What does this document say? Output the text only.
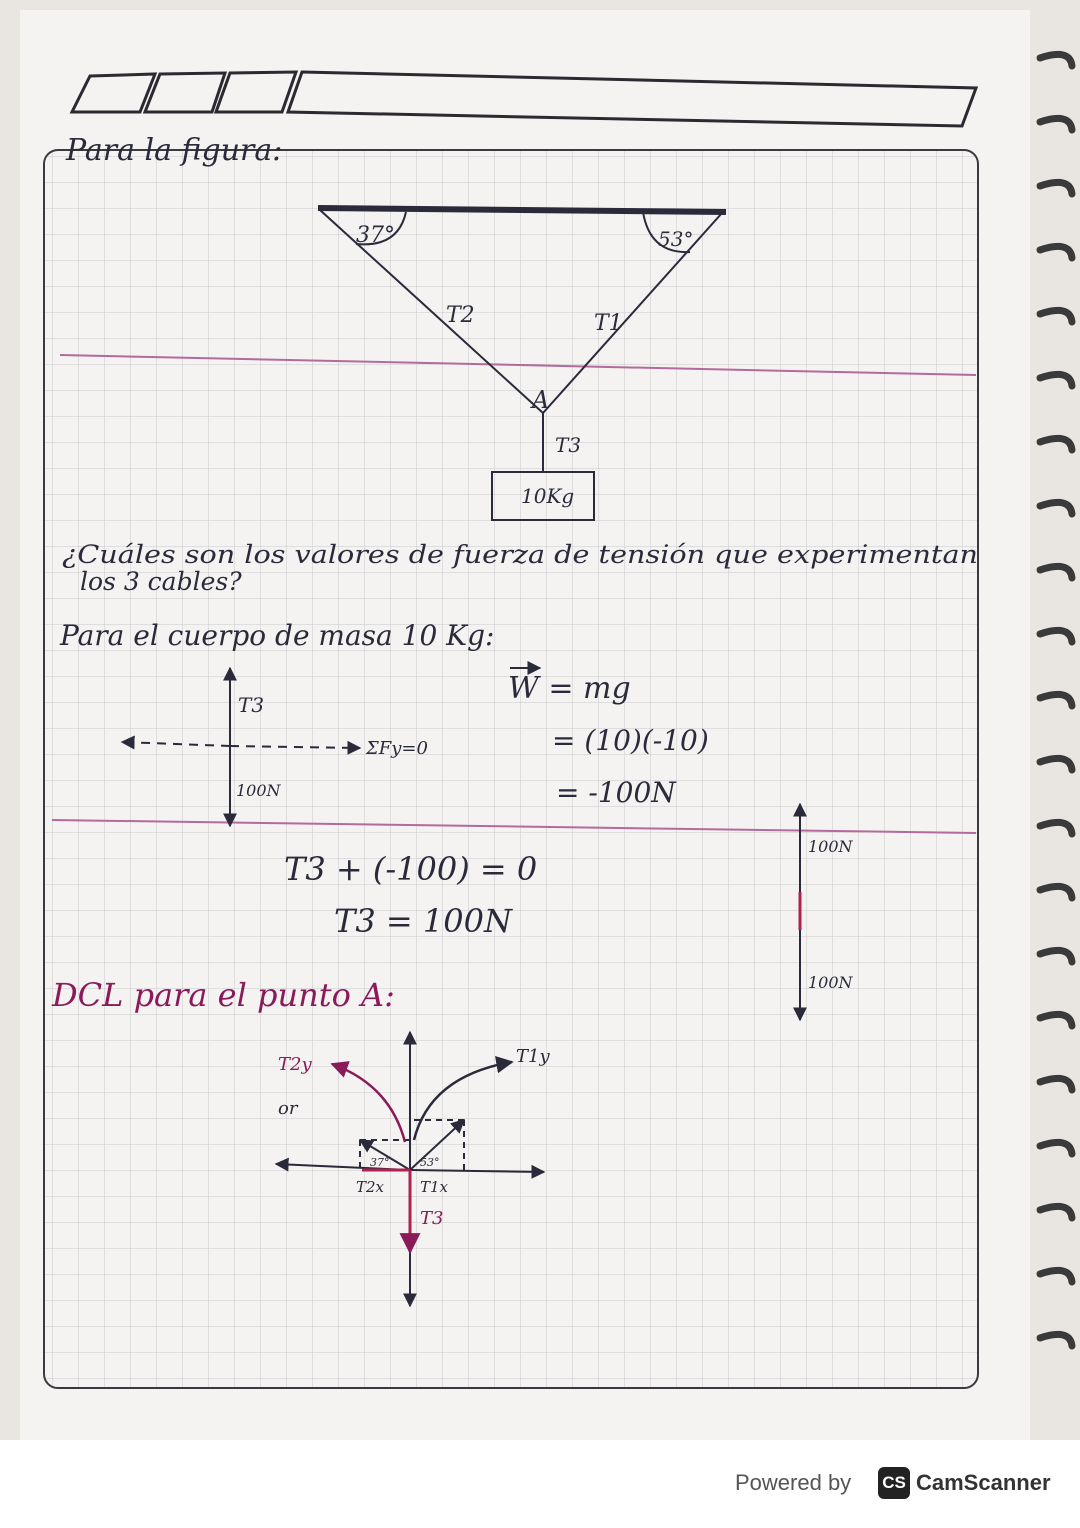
Para la figura:
37°	53°
T2	T1
A
T3
10Kg
¿Cuáles son los valores de fuerza de tensión que experimentan
los 3 cables?
Para el cuerpo de masa 10 Kg:
T3
100N
ΣFy=0
W = mg
= (10)(-10)
= -100N
T3 + (-100) = 0
T3 = 100N
100N
100N
DCL para el punto A:
T2y	T1y
or
37°	53°
T2x T1x
T3
Powered by CS CamScanner
